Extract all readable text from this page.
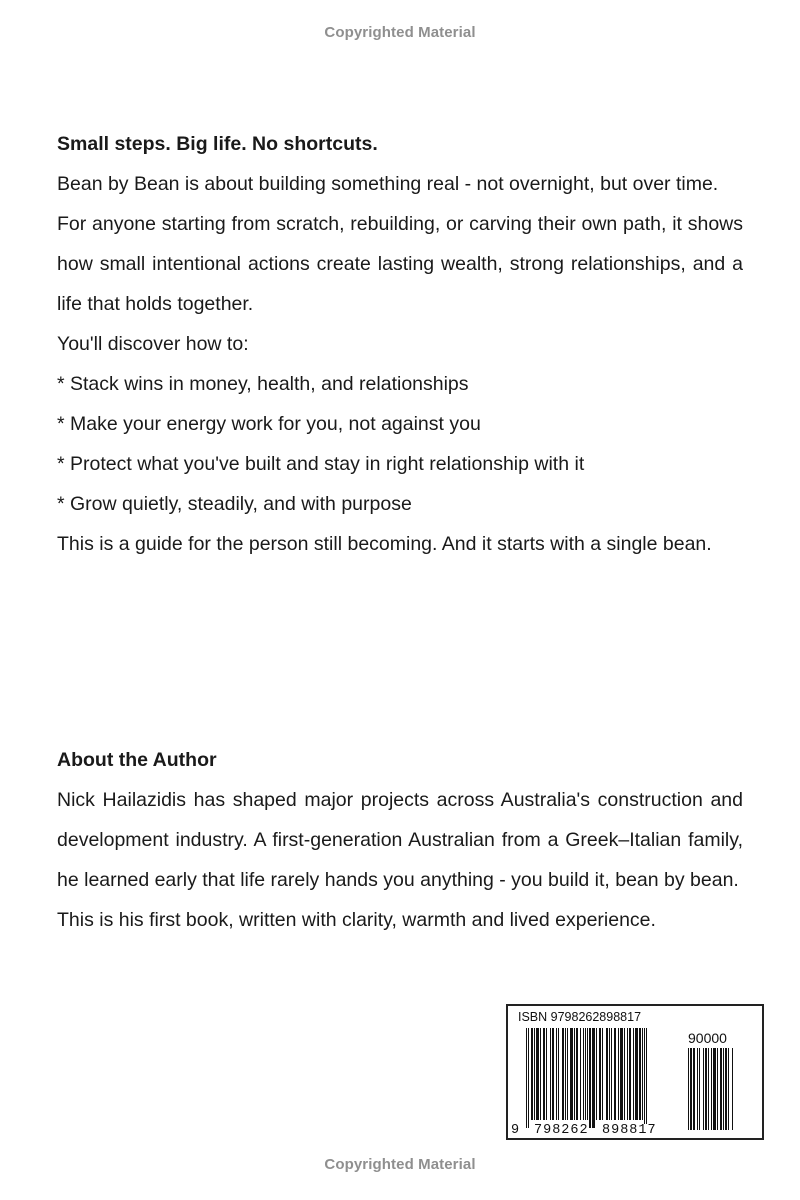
Copyrighted Material

Small steps. Big life. No shortcuts.

Bean by Bean is about building something real - not overnight, but over time.

For anyone starting from scratch, rebuilding, or carving their own path, it shows how small intentional actions create lasting wealth, strong relationships, and a life that holds together.

You'll discover how to:

* Stack wins in money, health, and relationships

* Make your energy work for you, not against you

* Protect what you've built and stay in right relationship with it

* Grow quietly, steadily, and with purpose

This is a guide for the person still becoming. And it starts with a single bean.

About the Author

Nick Hailazidis has shaped major projects across Australia's construction and development industry. A first-generation Australian from a Greek–Italian family, he learned early that life rarely hands you anything - you build it, bean by bean.

This is his first book, written with clarity, warmth and lived experience.

ISBN 9798262898817
90000
9 798262 898817
Copyrighted Material
